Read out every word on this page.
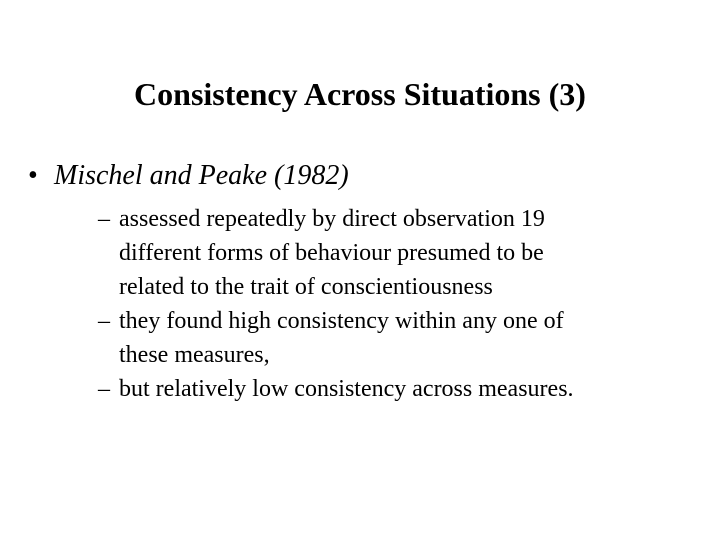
Consistency Across Situations (3)
• Mischel and Peake (1982)
– assessed repeatedly by direct observation 19
different forms of behaviour presumed to be
related to the trait of conscientiousness
– they found high consistency within any one of
these measures,
– but relatively low consistency across measures.
